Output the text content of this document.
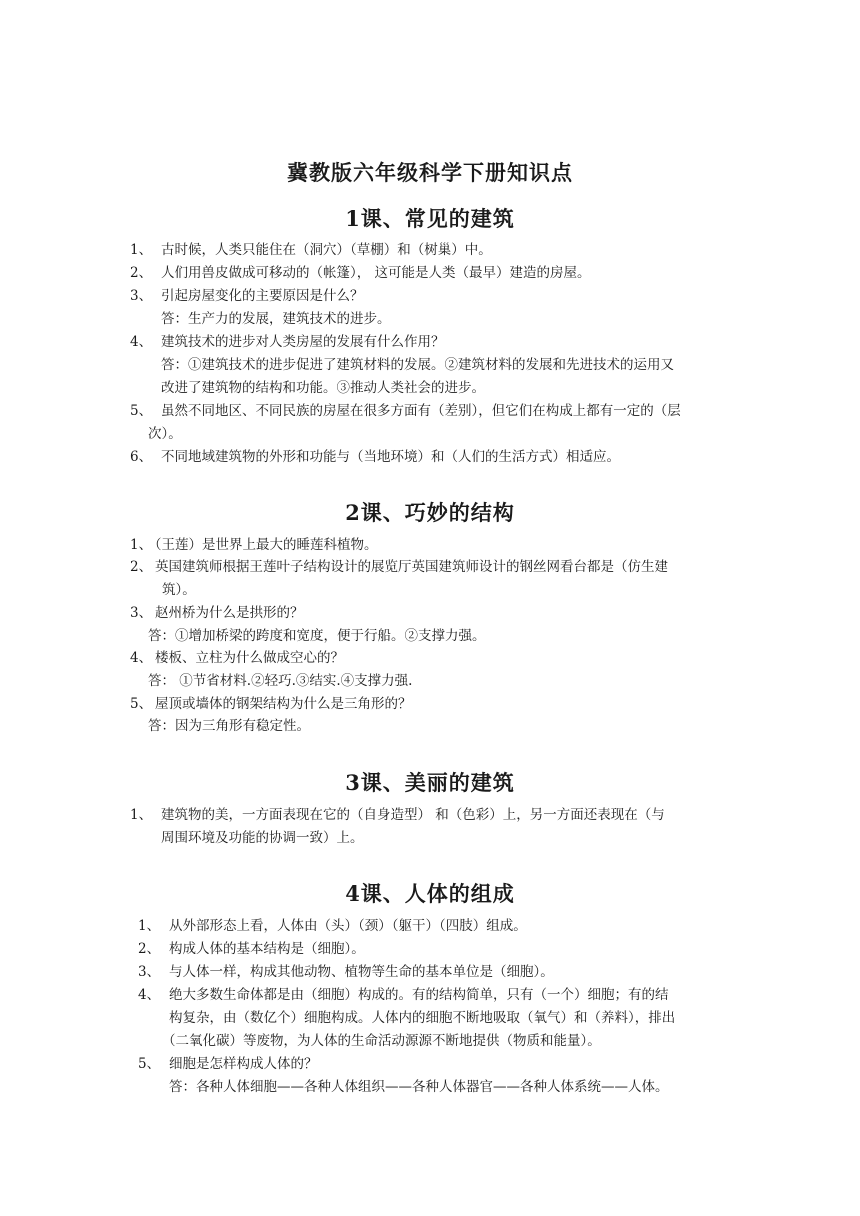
冀教版六年级科学下册知识点
1课、常见的建筑
1、 古时候，人类只能住在（洞穴）（草棚）和（树巢）中。
2、 人们用兽皮做成可移动的（帐篷）， 这可能是人类（最早）建造的房屋。
3、 引起房屋变化的主要原因是什么？
答：生产力的发展，建筑技术的进步。
4、 建筑技术的进步对人类房屋的发展有什么作用？
答：①建筑技术的进步促进了建筑材料的发展。②建筑材料的发展和先进技术的运用又
改进了建筑物的结构和功能。③推动人类社会的进步。
5、 虽然不同地区、不同民族的房屋在很多方面有（差别），但它们在构成上都有一定的（层
次）。
6、 不同地域建筑物的外形和功能与（当地环境）和（人们的生活方式）相适应。
2课、巧妙的结构
1、
（王莲）是世界上最大的睡莲科植物。
2、 英国建筑师根据王莲叶子结构设计的展览厅英国建筑师设计的钢丝网看台都是（仿生建
筑）。
3、 赵州桥为什么是拱形的？
答：①增加桥梁的跨度和宽度，便于行船。②支撑力强。
4、 楼板、立柱为什么做成空心的？
答： ①节省材料.②轻巧.③结实.④支撑力强.
5、 屋顶或墙体的钢架结构为什么是三角形的？
答：因为三角形有稳定性。
3课、美丽的建筑
1、 建筑物的美，一方面表现在它的（自身造型） 和（色彩）上，另一方面还表现在（与
周围环境及功能的协调一致）上。
4课、人体的组成
1、 从外部形态上看，人体由（头）（颈）（躯干）（四肢）组成。
2、 构成人体的基本结构是（细胞）。
3、 与人体一样，构成其他动物、植物等生命的基本单位是（细胞）。
4、 绝大多数生命体都是由（细胞）构成的。有的结构简单，只有（一个）细胞；有的结
构复杂，由（数亿个）细胞构成。人体内的细胞不断地吸取（氧气）和（养料），排出
（二氧化碳）等废物，为人体的生命活动源源不断地提供（物质和能量）。
5、 细胞是怎样构成人体的？
答：各种人体细胞——各种人体组织——各种人体器官——各种人体系统——人体。
